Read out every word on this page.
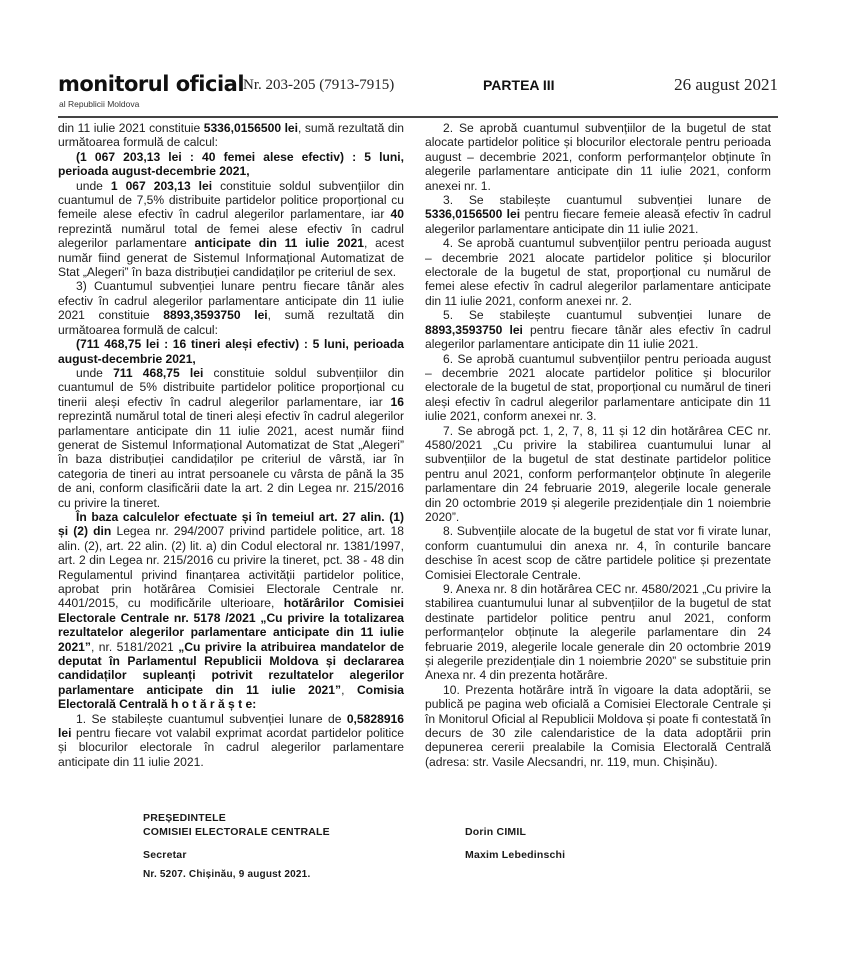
monitorul oficial
al Republicii Moldova
Nr. 203-205 (7913-7915)	PARTEA III	26 august 2021

din 11 iulie 2021 constituie 5336,0156500 lei, sumă rezultată din următoarea formulă de calcul:

(1 067 203,13 lei : 40 femei alese efectiv) : 5 luni, perioada august-decembrie 2021,

unde 1 067 203,13 lei constituie soldul subvențiilor din cuantumul de 7,5% distribuite partidelor politice proporțional cu femeile alese efectiv în cadrul alegerilor parlamentare, iar 40 reprezintă numărul total de femei alese efectiv în cadrul alegerilor parlamentare anticipate din 11 iulie 2021, acest număr fiind generat de Sistemul Informațional Automatizat de Stat „Alegeri” în baza distribuției candidaților pe criteriul de sex.

3) Cuantumul subvenției lunare pentru fiecare tânăr ales efectiv în cadrul alegerilor parlamentare anticipate din 11 iulie 2021 constituie 8893,3593750 lei, sumă rezultată din următoarea formulă de calcul:

(711 468,75 lei : 16 tineri aleși efectiv) : 5 luni, perioada august-decembrie 2021,

unde 711 468,75 lei constituie soldul subvențiilor din cuantumul de 5% distribuite partidelor politice proporțional cu tinerii aleși efectiv în cadrul alegerilor parlamentare, iar 16 reprezintă numărul total de tineri aleși efectiv în cadrul alegerilor parlamentare anticipate din 11 iulie 2021, acest număr fiind generat de Sistemul Informațional Automatizat de Stat „Alegeri” în baza distribuției candidaților pe criteriul de vârstă, iar în categoria de tineri au intrat persoanele cu vârsta de până la 35 de ani, conform clasificării date la art. 2 din Legea nr. 215/2016 cu privire la tineret.

În baza calculelor efectuate și în temeiul art. 27 alin. (1) și (2) din Legea nr. 294/2007 privind partidele politice, art. 18 alin. (2), art. 22 alin. (2) lit. a) din Codul electoral nr. 1381/1997, art. 2 din Legea nr. 215/2016 cu privire la tineret, pct. 38 - 48 din Regulamentul privind finanțarea activității partidelor politice, aprobat prin hotărârea Comisiei Electorale Centrale nr. 4401/2015, cu modificările ulterioare, hotărârilor Comisiei Electorale Centrale nr. 5178 /2021 „Cu privire la totalizarea rezultatelor alegerilor parlamentare anticipate din 11 iulie 2021”, nr. 5181/2021 „Cu privire la atribuirea mandatelor de deputat în Parlamentul Republicii Moldova și declararea candidaților supleanți potrivit rezultatelor alegerilor parlamentare anticipate din 11 iulie 2021”, Comisia Electorală Centrală h o t ă r ă ș t e:

1. Se stabilește cuantumul subvenției lunare de 0,5828916 lei pentru fiecare vot valabil exprimat acordat partidelor politice și blocurilor electorale în cadrul alegerilor parlamentare anticipate din 11 iulie 2021.

2. Se aprobă cuantumul subvențiilor de la bugetul de stat alocate partidelor politice și blocurilor electorale pentru perioada august – decembrie 2021, conform performanțelor obținute în alegerile parlamentare anticipate din 11 iulie 2021, conform anexei nr. 1.

3. Se stabilește cuantumul subvenției lunare de 5336,0156500 lei pentru fiecare femeie aleasă efectiv în cadrul alegerilor parlamentare anticipate din 11 iulie 2021.

4. Se aprobă cuantumul subvențiilor pentru perioada august – decembrie 2021 alocate partidelor politice și blocurilor electorale de la bugetul de stat, proporțional cu numărul de femei alese efectiv în cadrul alegerilor parlamentare anticipate din 11 iulie 2021, conform anexei nr. 2.

5. Se stabilește cuantumul subvenției lunare de 8893,3593750 lei pentru fiecare tânăr ales efectiv în cadrul alegerilor parlamentare anticipate din 11 iulie 2021.

6. Se aprobă cuantumul subvențiilor pentru perioada august – decembrie 2021 alocate partidelor politice și blocurilor electorale de la bugetul de stat, proporțional cu numărul de tineri aleși efectiv în cadrul alegerilor parlamentare anticipate din 11 iulie 2021, conform anexei nr. 3.

7. Se abrogă pct. 1, 2, 7, 8, 11 și 12 din hotărârea CEC nr. 4580/2021 „Cu privire la stabilirea cuantumului lunar al subvențiilor de la bugetul de stat destinate partidelor politice pentru anul 2021, conform performanțelor obținute în alegerile parlamentare din 24 februarie 2019, alegerile locale generale din 20 octombrie 2019 și alegerile prezidențiale din 1 noiembrie 2020”.

8. Subvențiile alocate de la bugetul de stat vor fi virate lunar, conform cuantumului din anexa nr. 4, în conturile bancare deschise în acest scop de către partidele politice și prezentate Comisiei Electorale Centrale.

9. Anexa nr. 8 din hotărârea CEC nr. 4580/2021 „Cu privire la stabilirea cuantumului lunar al subvențiilor de la bugetul de stat destinate partidelor politice pentru anul 2021, conform performanțelor obținute la alegerile parlamentare din 24 februarie 2019, alegerile locale generale din 20 octombrie 2019 și alegerile prezidențiale din 1 noiembrie 2020” se substituie prin Anexa nr. 4 din prezenta hotărâre.

10. Prezenta hotărâre intră în vigoare la data adoptării, se publică pe pagina web oficială a Comisiei Electorale Centrale și în Monitorul Oficial al Republicii Moldova și poate fi contestată în decurs de 30 zile calendaristice de la data adoptării prin depunerea cererii prealabile la Comisia Electorală Centrală (adresa: str. Vasile Alecsandri, nr. 119, mun. Chișinău).

PREȘEDINTELE
COMISIEI ELECTORALE CENTRALE	Dorin CIMIL
Secretar	Maxim Lebedinschi
Nr. 5207. Chișinău, 9 august 2021.
